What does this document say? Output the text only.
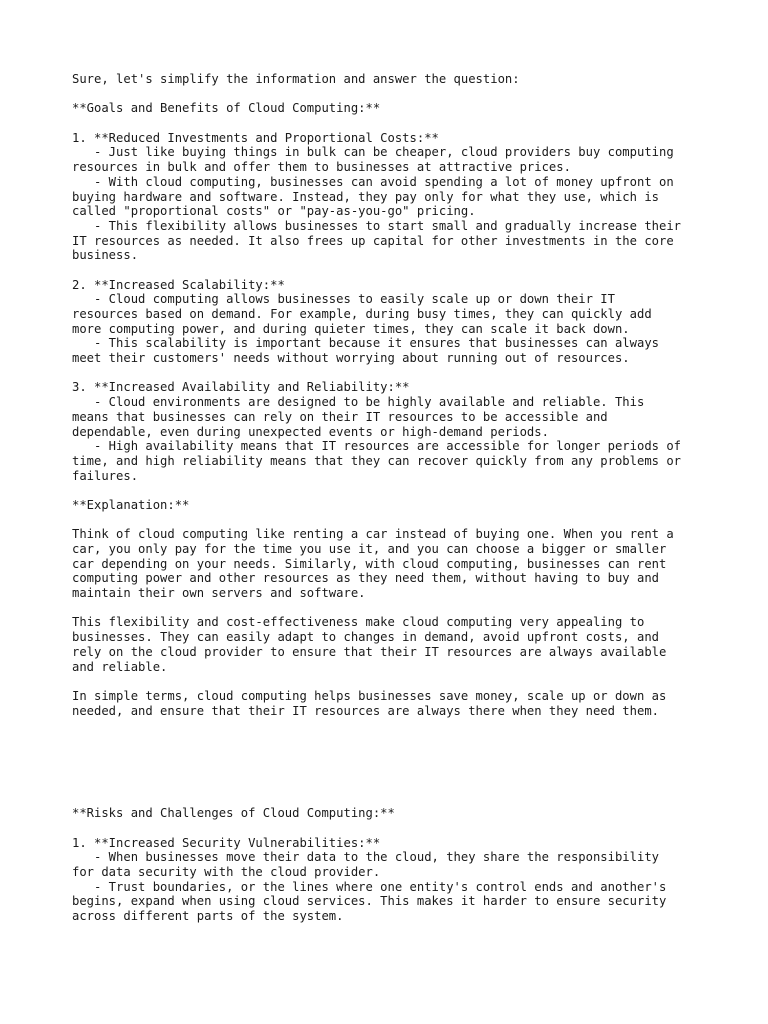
Sure, let's simplify the information and answer the question:
**Goals and Benefits of Cloud Computing:**
1. **Reduced Investments and Proportional Costs:**
- Just like buying things in bulk can be cheaper, cloud providers buy computing
resources in bulk and offer them to businesses at attractive prices.
- With cloud computing, businesses can avoid spending a lot of money upfront on
buying hardware and software. Instead, they pay only for what they use, which is
called "proportional costs" or "pay-as-you-go" pricing.
- This flexibility allows businesses to start small and gradually increase their
IT resources as needed. It also frees up capital for other investments in the core
business.
2. **Increased Scalability:**
- Cloud computing allows businesses to easily scale up or down their IT
resources based on demand. For example, during busy times, they can quickly add
more computing power, and during quieter times, they can scale it back down.
- This scalability is important because it ensures that businesses can always
meet their customers' needs without worrying about running out of resources.
3. **Increased Availability and Reliability:**
- Cloud environments are designed to be highly available and reliable. This
means that businesses can rely on their IT resources to be accessible and
dependable, even during unexpected events or high-demand periods.
- High availability means that IT resources are accessible for longer periods of
time, and high reliability means that they can recover quickly from any problems or
failures.
**Explanation:**
Think of cloud computing like renting a car instead of buying one. When you rent a
car, you only pay for the time you use it, and you can choose a bigger or smaller
car depending on your needs. Similarly, with cloud computing, businesses can rent
computing power and other resources as they need them, without having to buy and
maintain their own servers and software.
This flexibility and cost-effectiveness make cloud computing very appealing to
businesses. They can easily adapt to changes in demand, avoid upfront costs, and
rely on the cloud provider to ensure that their IT resources are always available
and reliable.
In simple terms, cloud computing helps businesses save money, scale up or down as
needed, and ensure that their IT resources are always there when they need them.
**Risks and Challenges of Cloud Computing:**
1. **Increased Security Vulnerabilities:**
- When businesses move their data to the cloud, they share the responsibility
for data security with the cloud provider.
- Trust boundaries, or the lines where one entity's control ends and another's
begins, expand when using cloud services. This makes it harder to ensure security
across different parts of the system.
